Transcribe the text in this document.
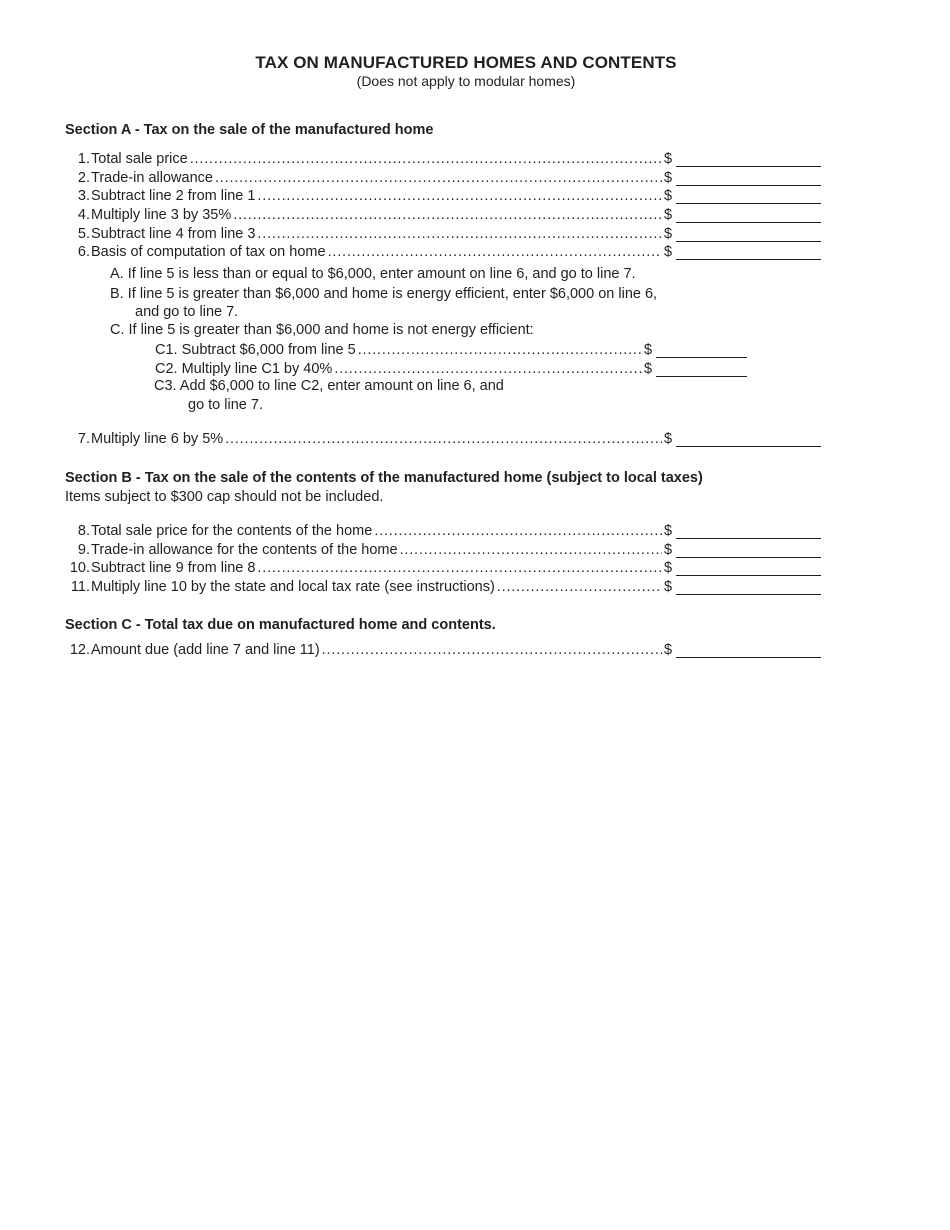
TAX ON MANUFACTURED HOMES AND CONTENTS
(Does not apply to modular homes)
Section A - Tax on the sale of the manufactured home
1. Total sale price .....	$
2. Trade-in allowance .....	$
3. Subtract line 2 from line 1 .....	$
4. Multiply line 3 by 35% .....	$
5. Subtract line 4 from line 3 .....	$
6. Basis of computation of tax on home .....	$
A. If line 5 is less than or equal to $6,000, enter amount on line 6, and go to line 7.
B. If line 5 is greater than $6,000 and home is energy efficient, enter $6,000 on line 6,
and go to line 7.
C. If line 5 is greater than $6,000 and home is not energy efficient:
C1. Subtract $6,000 from line 5 .....	$
C2. Multiply line C1 by 40% .....	$
C3. Add $6,000 to line C2, enter amount on line 6, and
go to line 7.
7. Multiply line 6 by 5% .....	$
Section B - Tax on the sale of the contents of the manufactured home (subject to local taxes)
Items subject to $300 cap should not be included.
8. Total sale price for the contents of the home .....	$
9. Trade-in allowance for the contents of the home .....	$
10. Subtract line 9 from line 8 .....	$
11. Multiply line 10 by the state and local tax rate (see instructions) .....	$
Section C - Total tax due on manufactured home and contents.
12. Amount due (add line 7 and line 11) .....	$
